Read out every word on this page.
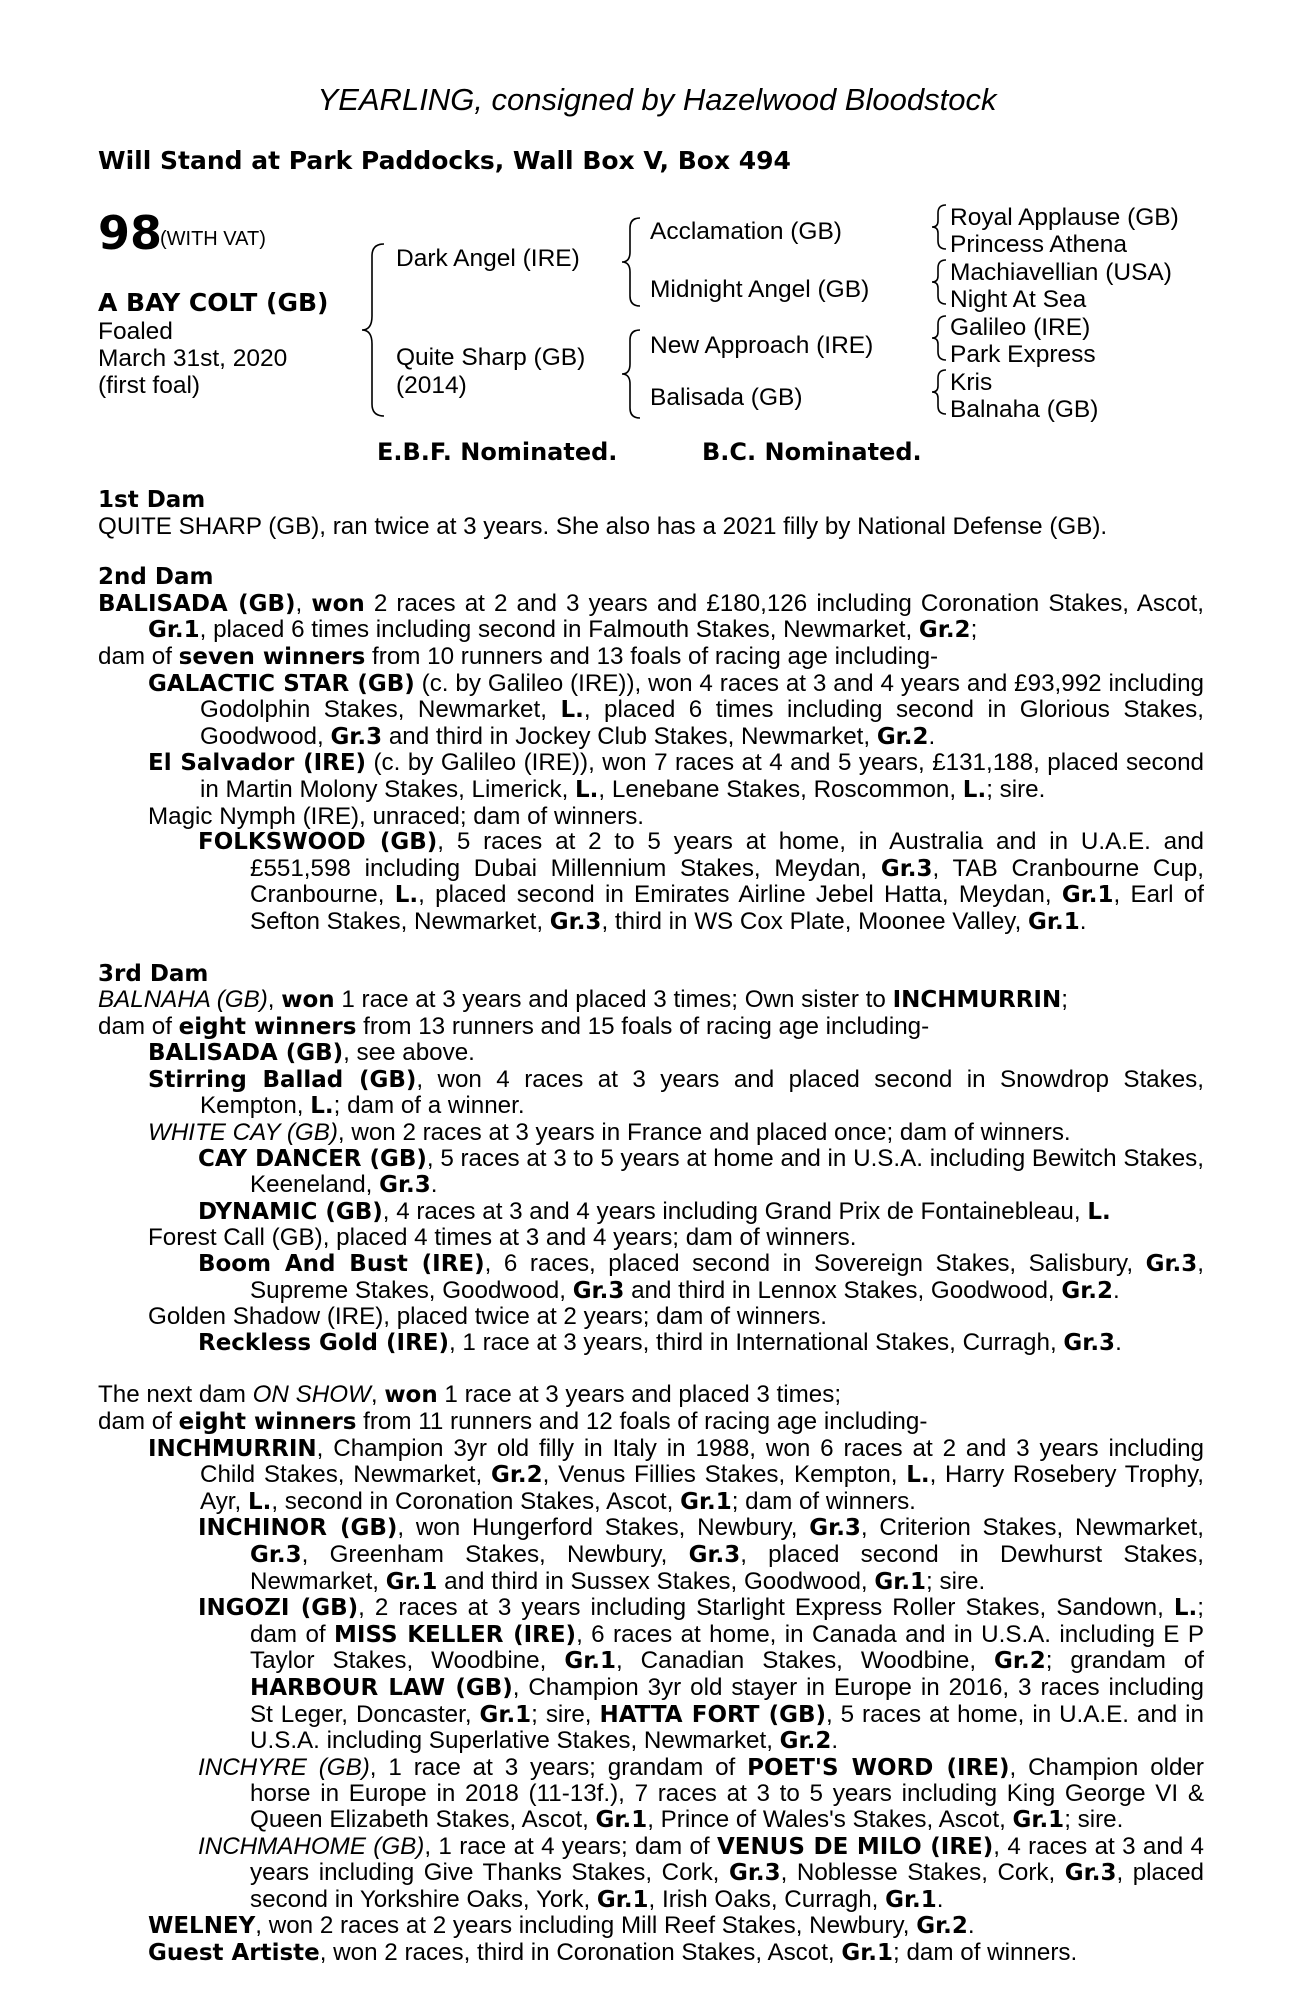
YEARLING, consigned by Hazelwood Bloodstock
Will Stand at Park Paddocks, Wall Box V, Box 494
98
(WITH VAT)
A BAY COLT (GB)
Foaled
March 31st, 2020
(first foal)
Dark Angel (IRE)
Quite Sharp (GB)
(2014)
Acclamation (GB)
Midnight Angel (GB)
New Approach (IRE)
Balisada (GB)
Royal Applause (GB)
Princess Athena
Machiavellian (USA)
Night At Sea
Galileo (IRE)
Park Express
Kris
Balnaha (GB)
E.B.F. Nominated.	B.C. Nominated.

1st Dam

QUITE SHARP (GB), ran twice at 3 years. She also has a 2021 filly by National Defense (GB).

2nd Dam

BALISADA (GB), won 2 races at 2 and 3 years and £180,126 including Coronation Stakes, Ascot, Gr.1, placed 6 times including second in Falmouth Stakes, Newmarket, Gr.2;

dam of seven winners from 10 runners and 13 foals of racing age including-

GALACTIC STAR (GB) (c. by Galileo (IRE)), won 4 races at 3 and 4 years and £93,992 including Godolphin Stakes, Newmarket, L., placed 6 times including second in Glorious Stakes, Goodwood, Gr.3 and third in Jockey Club Stakes, Newmarket, Gr.2.

El Salvador (IRE) (c. by Galileo (IRE)), won 7 races at 4 and 5 years, £131,188, placed second in Martin Molony Stakes, Limerick, L., Lenebane Stakes, Roscommon, L.; sire.

Magic Nymph (IRE), unraced; dam of winners.

FOLKSWOOD (GB), 5 races at 2 to 5 years at home, in Australia and in U.A.E. and £551,598 including Dubai Millennium Stakes, Meydan, Gr.3, TAB Cranbourne Cup, Cranbourne, L., placed second in Emirates Airline Jebel Hatta, Meydan, Gr.1, Earl of Sefton Stakes, Newmarket, Gr.3, third in WS Cox Plate, Moonee Valley, Gr.1.

3rd Dam

BALNAHA (GB), won 1 race at 3 years and placed 3 times; Own sister to INCHMURRIN;

dam of eight winners from 13 runners and 15 foals of racing age including-

BALISADA (GB), see above.

Stirring Ballad (GB), won 4 races at 3 years and placed second in Snowdrop Stakes, Kempton, L.; dam of a winner.

WHITE CAY (GB), won 2 races at 3 years in France and placed once; dam of winners.

CAY DANCER (GB), 5 races at 3 to 5 years at home and in U.S.A. including Bewitch Stakes, Keeneland, Gr.3.

DYNAMIC (GB), 4 races at 3 and 4 years including Grand Prix de Fontainebleau, L.

Forest Call (GB), placed 4 times at 3 and 4 years; dam of winners.

Boom And Bust (IRE), 6 races, placed second in Sovereign Stakes, Salisbury, Gr.3, Supreme Stakes, Goodwood, Gr.3 and third in Lennox Stakes, Goodwood, Gr.2.

Golden Shadow (IRE), placed twice at 2 years; dam of winners.

Reckless Gold (IRE), 1 race at 3 years, third in International Stakes, Curragh, Gr.3.

The next dam ON SHOW, won 1 race at 3 years and placed 3 times;

dam of eight winners from 11 runners and 12 foals of racing age including-

INCHMURRIN, Champion 3yr old filly in Italy in 1988, won 6 races at 2 and 3 years including Child Stakes, Newmarket, Gr.2, Venus Fillies Stakes, Kempton, L., Harry Rosebery Trophy, Ayr, L., second in Coronation Stakes, Ascot, Gr.1; dam of winners.

INCHINOR (GB), won Hungerford Stakes, Newbury, Gr.3, Criterion Stakes, Newmarket, Gr.3, Greenham Stakes, Newbury, Gr.3, placed second in Dewhurst Stakes, Newmarket, Gr.1 and third in Sussex Stakes, Goodwood, Gr.1; sire.

INGOZI (GB), 2 races at 3 years including Starlight Express Roller Stakes, Sandown, L.; dam of MISS KELLER (IRE), 6 races at home, in Canada and in U.S.A. including E P Taylor Stakes, Woodbine, Gr.1, Canadian Stakes, Woodbine, Gr.2; grandam of HARBOUR LAW (GB), Champion 3yr old stayer in Europe in 2016, 3 races including St Leger, Doncaster, Gr.1; sire, HATTA FORT (GB), 5 races at home, in U.A.E. and in U.S.A. including Superlative Stakes, Newmarket, Gr.2.

INCHYRE (GB), 1 race at 3 years; grandam of POET'S WORD (IRE), Champion older horse in Europe in 2018 (11-13f.), 7 races at 3 to 5 years including King George VI & Queen Elizabeth Stakes, Ascot, Gr.1, Prince of Wales's Stakes, Ascot, Gr.1; sire.

INCHMAHOME (GB), 1 race at 4 years; dam of VENUS DE MILO (IRE), 4 races at 3 and 4 years including Give Thanks Stakes, Cork, Gr.3, Noblesse Stakes, Cork, Gr.3, placed second in Yorkshire Oaks, York, Gr.1, Irish Oaks, Curragh, Gr.1.

WELNEY, won 2 races at 2 years including Mill Reef Stakes, Newbury, Gr.2.

Guest Artiste, won 2 races, third in Coronation Stakes, Ascot, Gr.1; dam of winners.
